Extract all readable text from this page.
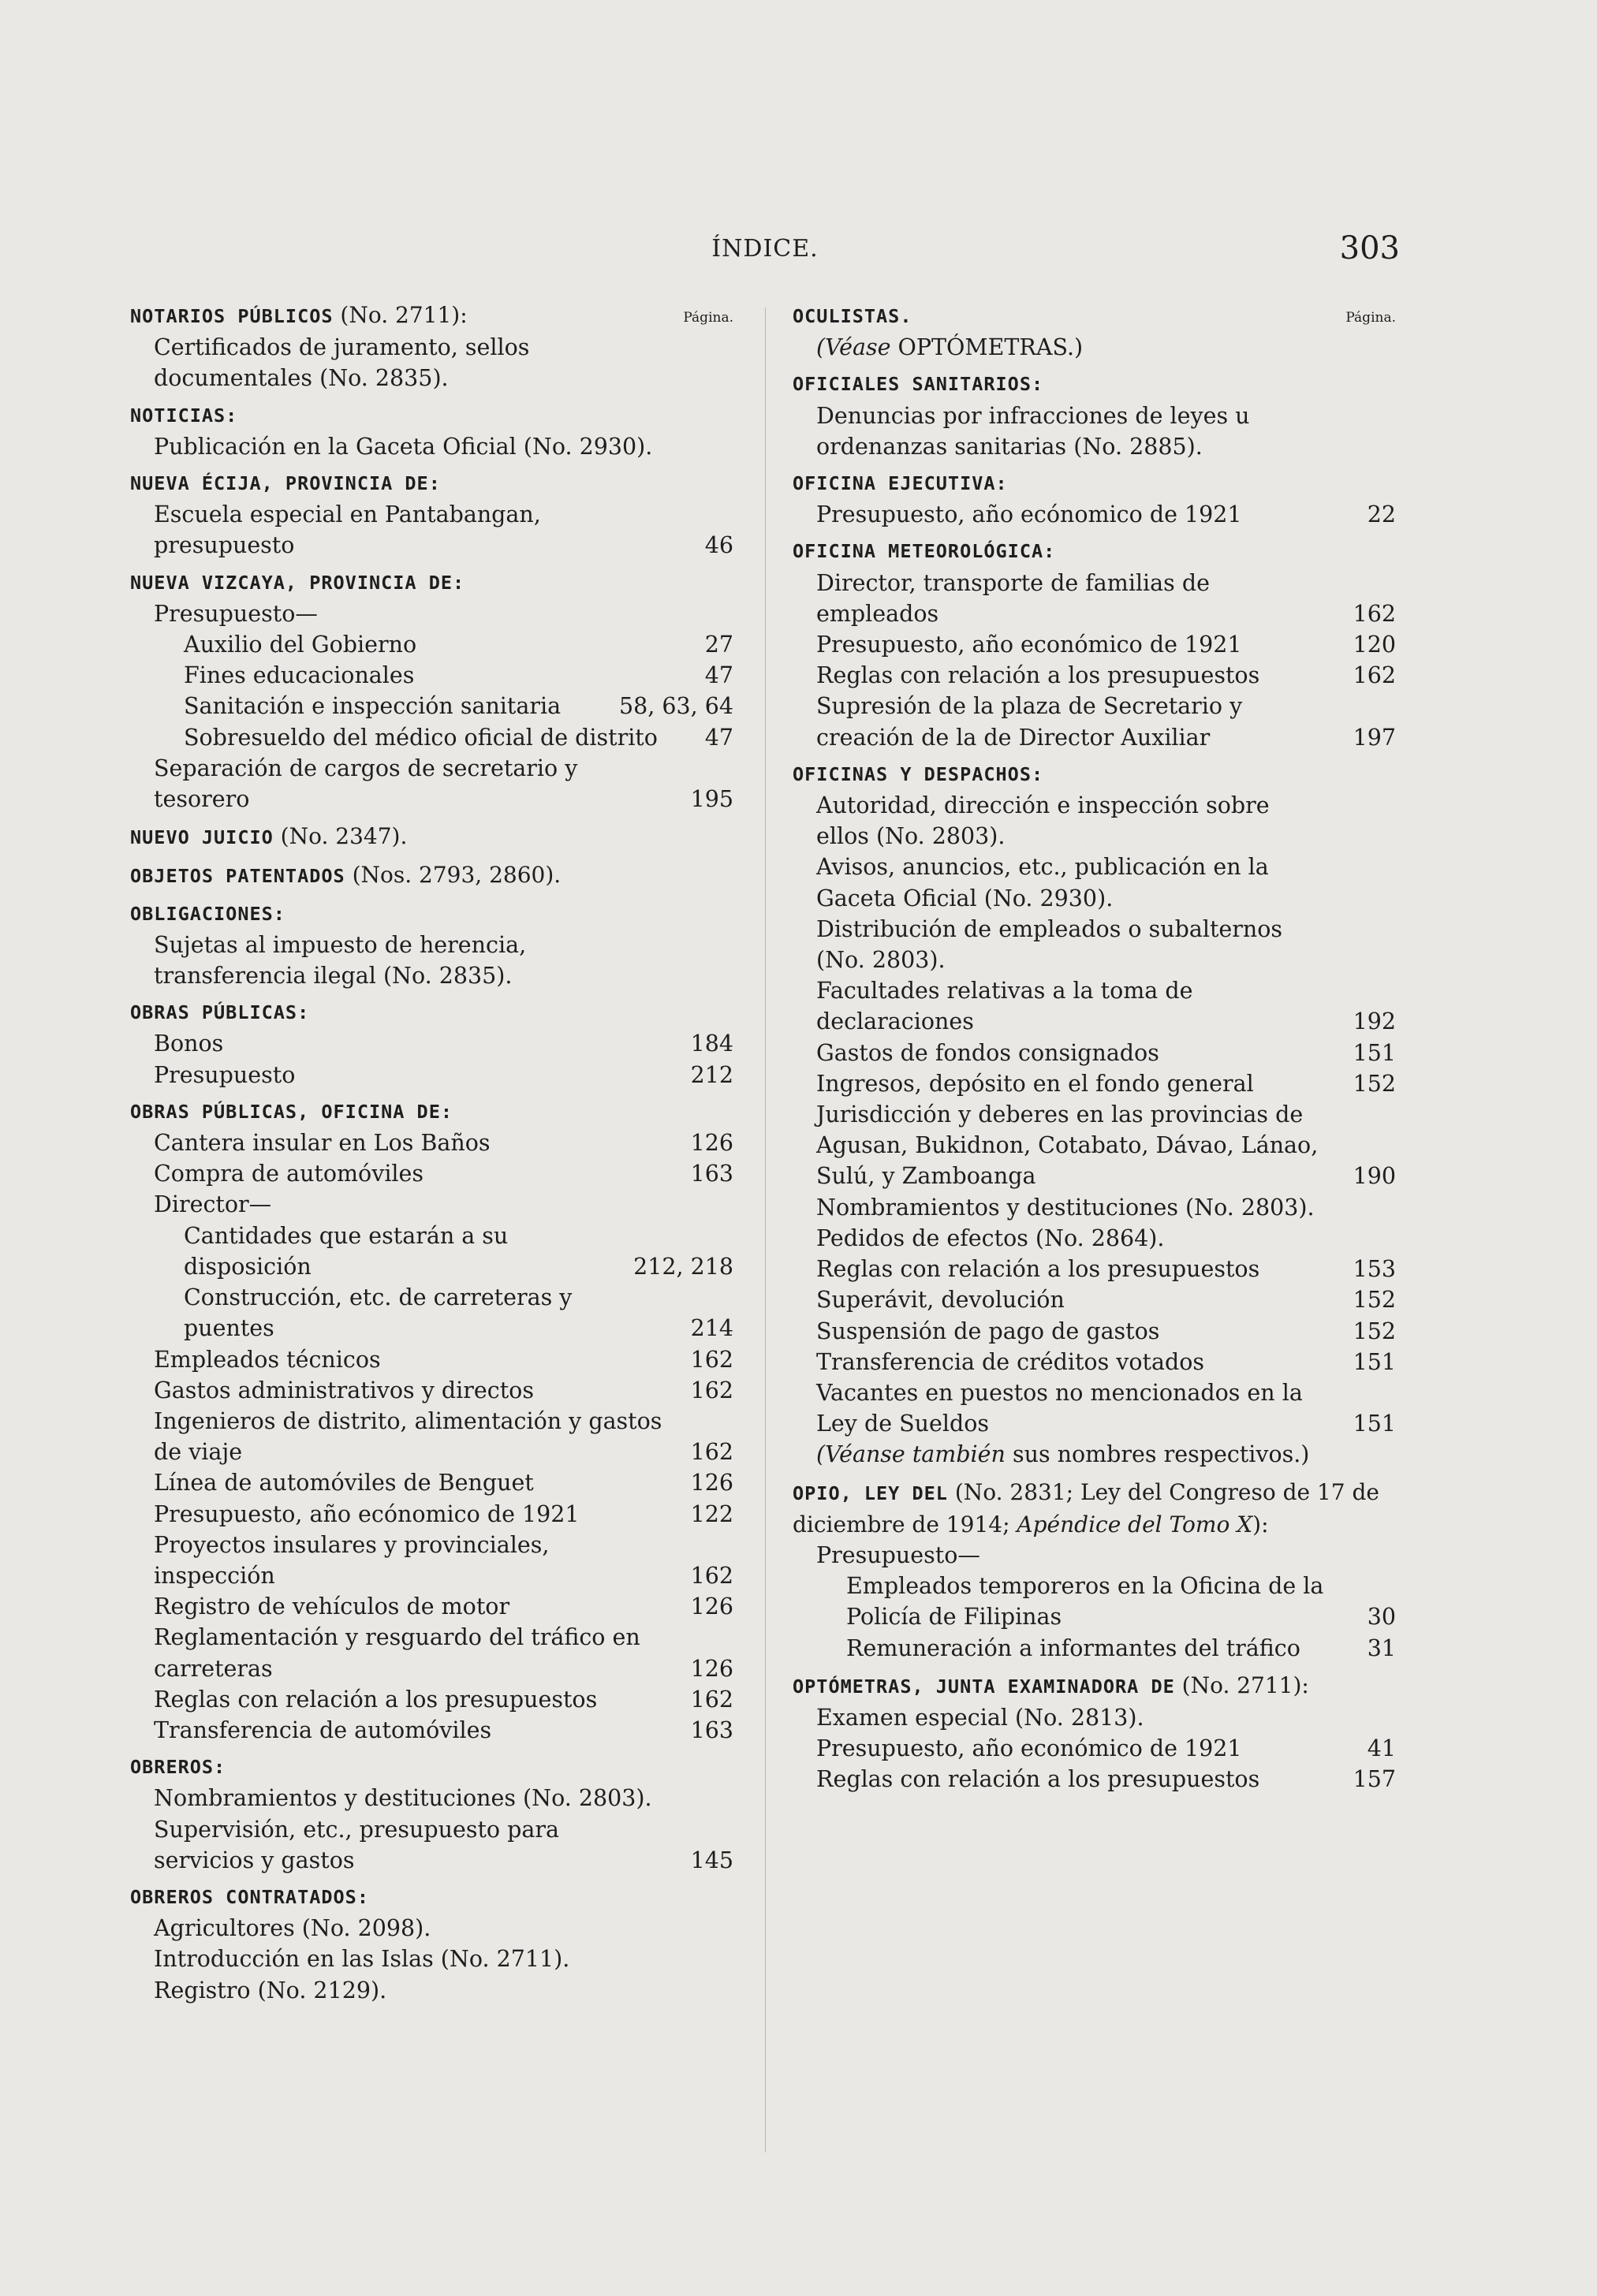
ÍNDICE.	303
NOTARIOS PÚBLICOS (No. 2711):	Página.
Certificados de juramento, sellos documentales (No. 2835).
NOTICIAS:
Publicación en la Gaceta Oficial (No. 2930).
NUEVA ÉCIJA, PROVINCIA DE:
Escuela especial en Pantabangan, presupuesto	46
NUEVA VIZCAYA, PROVINCIA DE:
Presupuesto—
Auxilio del Gobierno	27
Fines educacionales	47
Sanitación e inspección sanitaria	58, 63, 64
Sobresueldo del médico oficial de distrito	47
Separación de cargos de secretario y tesorero	195
NUEVO JUICIO (No. 2347).
OBJETOS PATENTADOS (Nos. 2793, 2860).
OBLIGACIONES:
Sujetas al impuesto de herencia, transferencia ilegal (No. 2835).
OBRAS PÚBLICAS:
Bonos	184
Presupuesto	212
OBRAS PÚBLICAS, OFICINA DE:
Cantera insular en Los Baños	126
Compra de automóviles	163
Director—
Cantidades que estarán a su disposición	212, 218
Construcción, etc. de carreteras y puentes	214
Empleados técnicos	162
Gastos administrativos y directos	162
Ingenieros de distrito, alimentación y gastos de viaje	162
Línea de automóviles de Benguet	126
Presupuesto, año ecónomico de 1921	122
Proyectos insulares y provinciales, inspección	162
Registro de vehículos de motor	126
Reglamentación y resguardo del tráfico en carreteras	126
Reglas con relación a los presupuestos	162
Transferencia de automóviles	163
OBREROS:
Nombramientos y destituciones (No. 2803).
Supervisión, etc., presupuesto para servicios y gastos	145
OBREROS CONTRATADOS:
Agricultores (No. 2098).
Introducción en las Islas (No. 2711).
Registro (No. 2129).
OCULISTAS.	Página.
(Véase OPTÓMETRAS.)
OFICIALES SANITARIOS:
Denuncias por infracciones de leyes u ordenanzas sanitarias (No. 2885).
OFICINA EJECUTIVA:
Presupuesto, año ecónomico de 1921	22
OFICINA METEOROLÓGICA:
Director, transporte de familias de empleados	162
Presupuesto, año económico de 1921	120
Reglas con relación a los presupuestos	162
Supresión de la plaza de Secretario y creación de la de Director Auxiliar	197
OFICINAS Y DESPACHOS:
Autoridad, dirección e inspección sobre ellos (No. 2803).
Avisos, anuncios, etc., publicación en la Gaceta Oficial (No. 2930).
Distribución de empleados o subalternos (No. 2803).
Facultades relativas a la toma de declaraciones	192
Gastos de fondos consignados	151
Ingresos, depósito en el fondo general	152
Jurisdicción y deberes en las provincias de Agusan, Bukidnon, Cotabato, Dávao, Lánao, Sulú, y Zamboanga	190
Nombramientos y destituciones (No. 2803).
Pedidos de efectos (No. 2864).
Reglas con relación a los presupuestos	153
Superávit, devolución	152
Suspensión de pago de gastos	152
Transferencia de créditos votados	151
Vacantes en puestos no mencionados en la Ley de Sueldos	151
(Véanse también sus nombres respectivos.)
OPIO, LEY DEL (No. 2831; Ley del Congreso de 17 de diciembre de 1914; Apéndice del Tomo X):
Presupuesto—
Empleados temporeros en la Oficina de la Policía de Filipinas	30
Remuneración a informantes del tráfico	31
OPTÓMETRAS, JUNTA EXAMINADORA DE (No. 2711):
Examen especial (No. 2813).
Presupuesto, año económico de 1921	41
Reglas con relación a los presupuestos	157
